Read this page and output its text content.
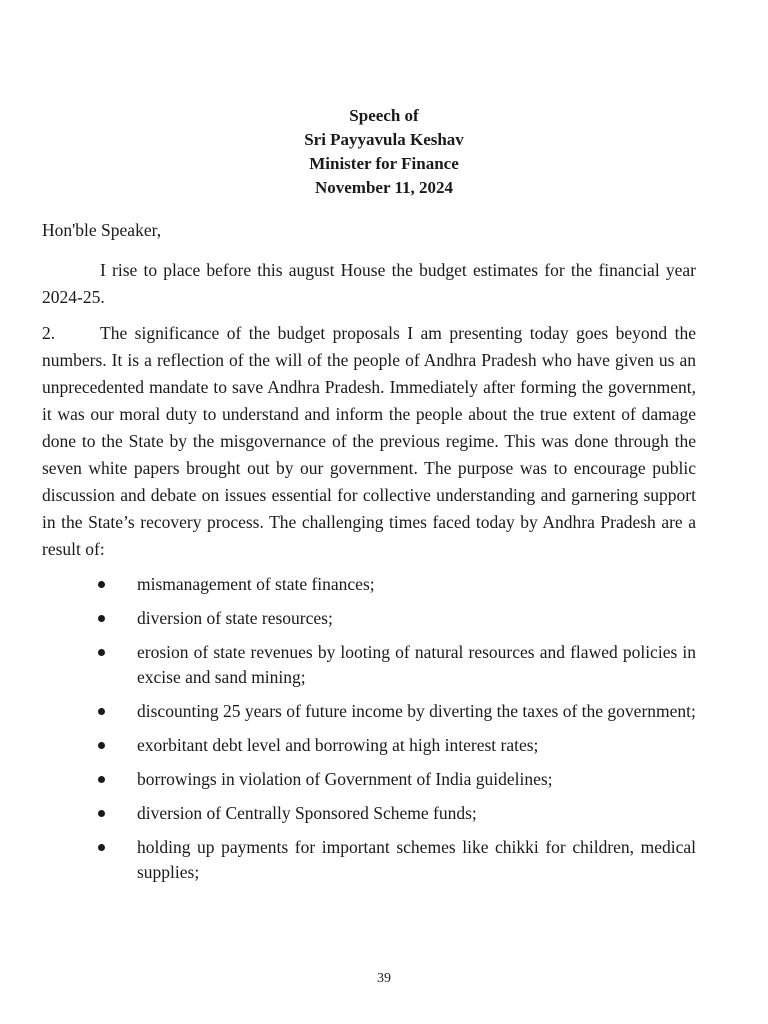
Speech of
Sri Payyavula Keshav
Minister for Finance
November 11, 2024
Hon'ble Speaker,

I rise to place before this august House the budget estimates for the financial year 2024-25.

2.	The significance of the budget proposals I am presenting today goes beyond the numbers. It is a reflection of the will of the people of Andhra Pradesh who have given us an unprecedented mandate to save Andhra Pradesh. Immediately after forming the government, it was our moral duty to understand and inform the people about the true extent of damage done to the State by the misgovernance of the previous regime. This was done through the seven white papers brought out by our government. The purpose was to encourage public discussion and debate on issues essential for collective understanding and garnering support in the State’s recovery process. The challenging times faced today by Andhra Pradesh are a result of:

mismanagement of state finances;
diversion of state resources;
erosion of state revenues by looting of natural resources and flawed policies in excise and sand mining;
discounting 25 years of future income by diverting the taxes of the government;
exorbitant debt level and borrowing at high interest rates;
borrowings in violation of Government of India guidelines;
diversion of Centrally Sponsored Scheme funds;
holding up payments for important schemes like chikki for children, medical supplies;
39
